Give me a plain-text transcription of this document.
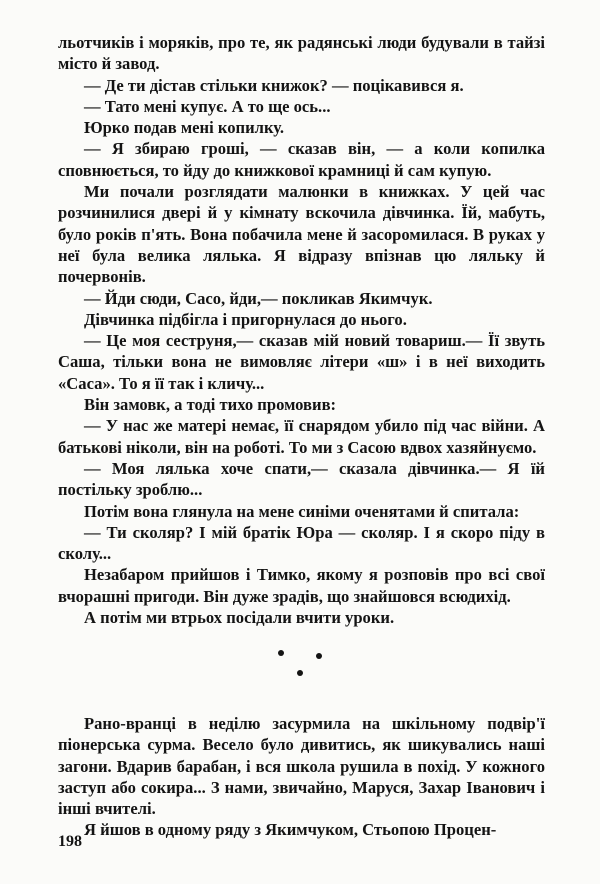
льотчиків і моряків, про те, як радянські люди будували в тайзі місто й завод.

— Де ти дістав стільки книжок? — поцікавився я.

— Тато мені купує. А то ще ось...

Юрко подав мені копилку.

— Я збираю гроші, — сказав він, — а коли копилка сповнюється, то йду до книжкової крамниці й сам купую.

Ми почали розглядати малюнки в книжках. У цей час розчинилися двері й у кімнату вскочила дівчинка. Їй, мабуть, було років п'ять. Вона побачила мене й засоромилася. В руках у неї була велика лялька. Я відразу впізнав цю ляльку й почервонів.

— Йди сюди, Сасо, йди,— покликав Якимчук.

Дівчинка підбігла і пригорнулася до нього.

— Це моя сеструня,— сказав мій новий товариш.— Її звуть Саша, тільки вона не вимовляє літери «ш» і в неї виходить «Саса». То я її так і кличу...

Він замовк, а тоді тихо промовив:

— У нас же матері немає, її снарядом убило під час війни. А батькові ніколи, він на роботі. То ми з Сасою вдвох хазяйнуємо.

— Моя лялька хоче спати,— сказала дівчинка.— Я їй постільку зроблю...

Потім вона глянула на мене синіми оченятами й спитала:

— Ти сколяр? І мій братік Юра — сколяр. І я скоро піду в сколу...

Незабаром прийшов і Тимко, якому я розповів про всі свої вчорашні пригоди. Він дуже зрадів, що знайшовся всюдихід.

А потім ми втрьох посідали вчити уроки.

Рано-вранці в неділю засурмила на шкільному подвір'ї піонерська сурма. Весело було дивитись, як шикувались наші загони. Вдарив барабан, і вся школа рушила в похід. У кожного заступ або сокира... З нами, звичайно, Маруся, Захар Іванович і інші вчителі.

Я йшов в одному ряду з Якимчуком, Стьопою Процен-

198
